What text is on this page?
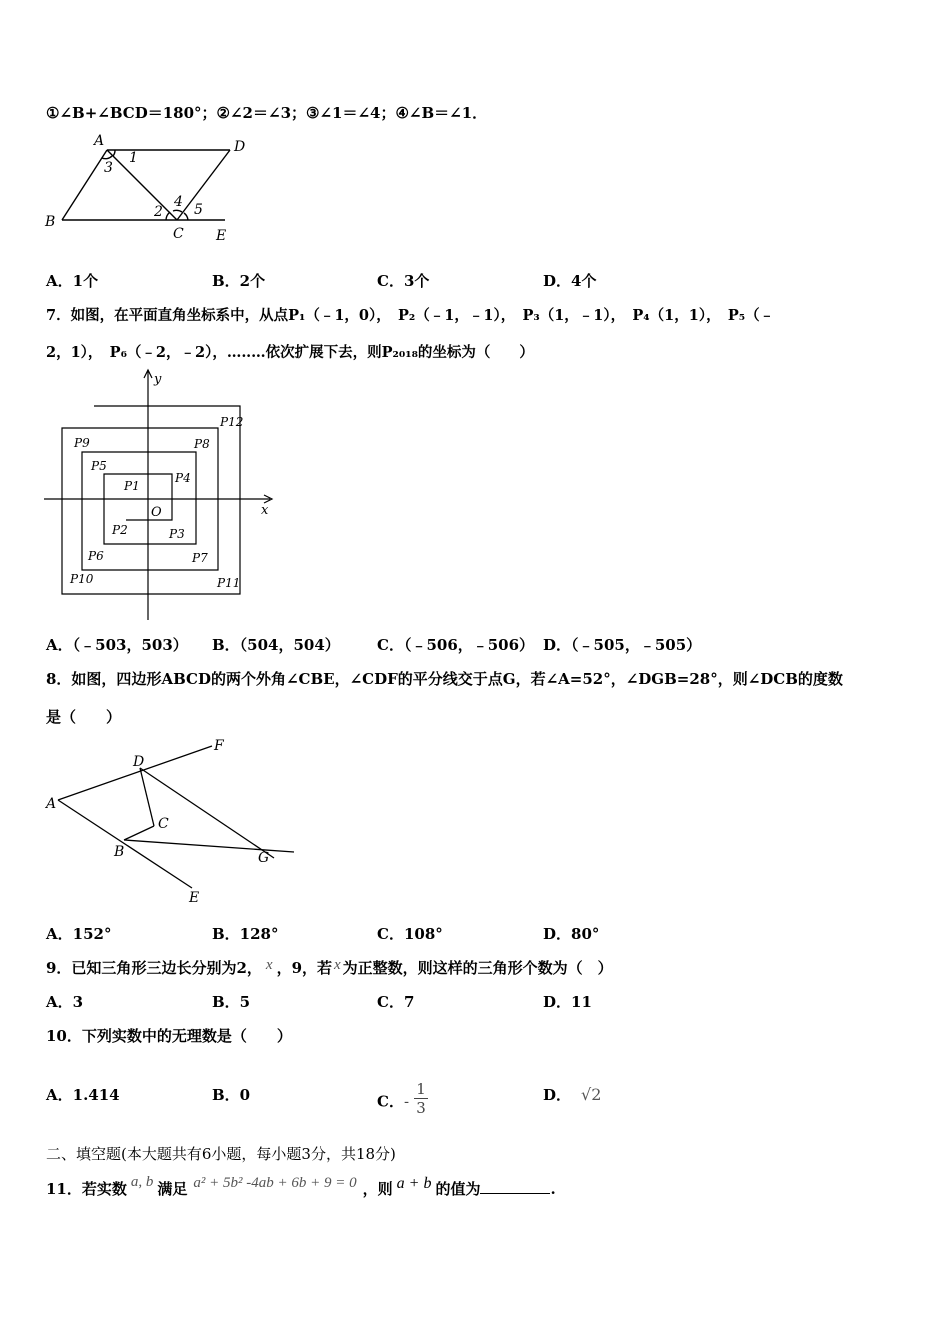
①∠B+∠BCD＝180°；②∠2＝∠3；③∠1＝∠4；④∠B＝∠1．
A	D
B
C E
1
2
3
4 5
A．1个	B．2个	C．3个	D．4个
7．如图，在平面直角坐标系中，从点P₁（﹣1，0），　P₂（﹣1，﹣1），　P₃（1，﹣1），　P₄（1，1），　P₅（﹣
2，1），　P₆（﹣2，﹣2），…‥…依次扩展下去，则P₂₀₁₈的坐标为（　　）
y
x
O
P1
P2	P3
P4
P5
P6	P7
P8
P9
P10	P11
P12
A．（﹣503，503） B．（504，504） C．（﹣506，﹣506） D．（﹣505，﹣505）
8．如图，四边形ABCD的两个外角∠CBE，∠CDF的平分线交于点G，若∠A=52°，∠DGB=28°，则∠DCB的度数
是（　　）
A
B
C
D
E
F
G
A．152°	B．128°	C．108°	D．80°
9．已知三角形三边长分别为2， x ，9，若 x 为正整数，则这样的三角形个数为（　）
A．3	B．5	C．7	D．11
10．下列实数中的无理数是（　　）
A．1.414	B．0	C．- $\frac{1}{3}$	D． √2
二、填空题(本大题共有6小题，每小题3分，共18分)
11．若实数 a, b 满足 a² + 5b² -4ab + 6b + 9 = 0 ，则 a + b 的值为	.
